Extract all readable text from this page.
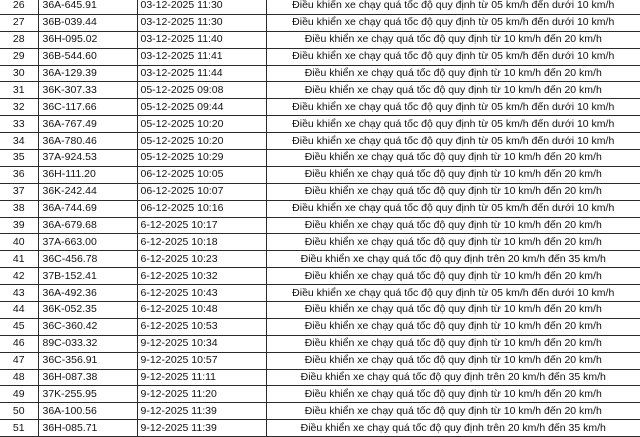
26	36A-645.91	03-12-2025 11:30	Điều khiển xe chạy quá tốc độ quy định từ 05 km/h đến dưới 10 km/h
27	36B-039.44	03-12-2025 11:30	Điều khiển xe chạy quá tốc độ quy định từ 05 km/h đến dưới 10 km/h
28	36H-095.02	03-12-2025 11:40	Điều khiển xe chạy quá tốc độ quy định từ 10 km/h đến 20 km/h
29	36B-544.60	03-12-2025 11:41	Điều khiển xe chạy quá tốc độ quy định từ 05 km/h đến dưới 10 km/h
30	36A-129.39	03-12-2025 11:44	Điều khiển xe chạy quá tốc độ quy định từ 10 km/h đến 20 km/h
31	36K-307.33	05-12-2025 09:08	Điều khiển xe chạy quá tốc độ quy định từ 10 km/h đến 20 km/h
32	36C-117.66	05-12-2025 09:44	Điều khiển xe chạy quá tốc độ quy định từ 05 km/h đến dưới 10 km/h
33	36A-767.49	05-12-2025 10:20	Điều khiển xe chạy quá tốc độ quy định từ 05 km/h đến dưới 10 km/h
34	36A-780.46	05-12-2025 10:20	Điều khiển xe chạy quá tốc độ quy định từ 05 km/h đến dưới 10 km/h
35	37A-924.53	05-12-2025 10:29	Điều khiển xe chạy quá tốc độ quy định từ 10 km/h đến 20 km/h
36	36H-111.20	06-12-2025 10:05	Điều khiển xe chạy quá tốc độ quy định từ 10 km/h đến 20 km/h
37	36K-242.44	06-12-2025 10:07	Điều khiển xe chạy quá tốc độ quy định từ 10 km/h đến 20 km/h
38	36A-744.69	06-12-2025 10:16	Điều khiển xe chạy quá tốc độ quy định từ 05 km/h đến dưới 10 km/h
39	36A-679.68	6-12-2025 10:17	Điều khiển xe chạy quá tốc độ quy định từ 10 km/h đến 20 km/h
40	37A-663.00	6-12-2025 10:18	Điều khiển xe chạy quá tốc độ quy định từ 10 km/h đến 20 km/h
41	36C-456.78	6-12-2025 10:23	Điều khiển xe chạy quá tốc độ quy định trên 20 km/h đến 35 km/h
42	37B-152.41	6-12-2025 10:32	Điều khiển xe chạy quá tốc độ quy định từ 10 km/h đến 20 km/h
43	36A-492.36	6-12-2025 10:43	Điều khiển xe chạy quá tốc độ quy định từ 05 km/h đến dưới 10 km/h
44	36K-052.35	6-12-2025 10:48	Điều khiển xe chạy quá tốc độ quy định từ 10 km/h đến 20 km/h
45	36C-360.42	6-12-2025 10:53	Điều khiển xe chạy quá tốc độ quy định từ 10 km/h đến 20 km/h
46	89C-033.32	9-12-2025 10:34	Điều khiển xe chạy quá tốc độ quy định từ 10 km/h đến 20 km/h
47	36C-356.91	9-12-2025 10:57	Điều khiển xe chạy quá tốc độ quy định từ 10 km/h đến 20 km/h
48	36H-087.38	9-12-2025 11:11	Điều khiển xe chạy quá tốc độ quy định trên 20 km/h đến 35 km/h
49	37K-255.95	9-12-2025 11:20	Điều khiển xe chạy quá tốc độ quy định từ 10 km/h đến 20 km/h
50	36A-100.56	9-12-2025 11:39	Điều khiển xe chạy quá tốc độ quy định từ 10 km/h đến 20 km/h
51	36H-085.71	9-12-2025 11:39	Điều khiển xe chạy quá tốc độ quy định trên 20 km/h đến 35 km/h
